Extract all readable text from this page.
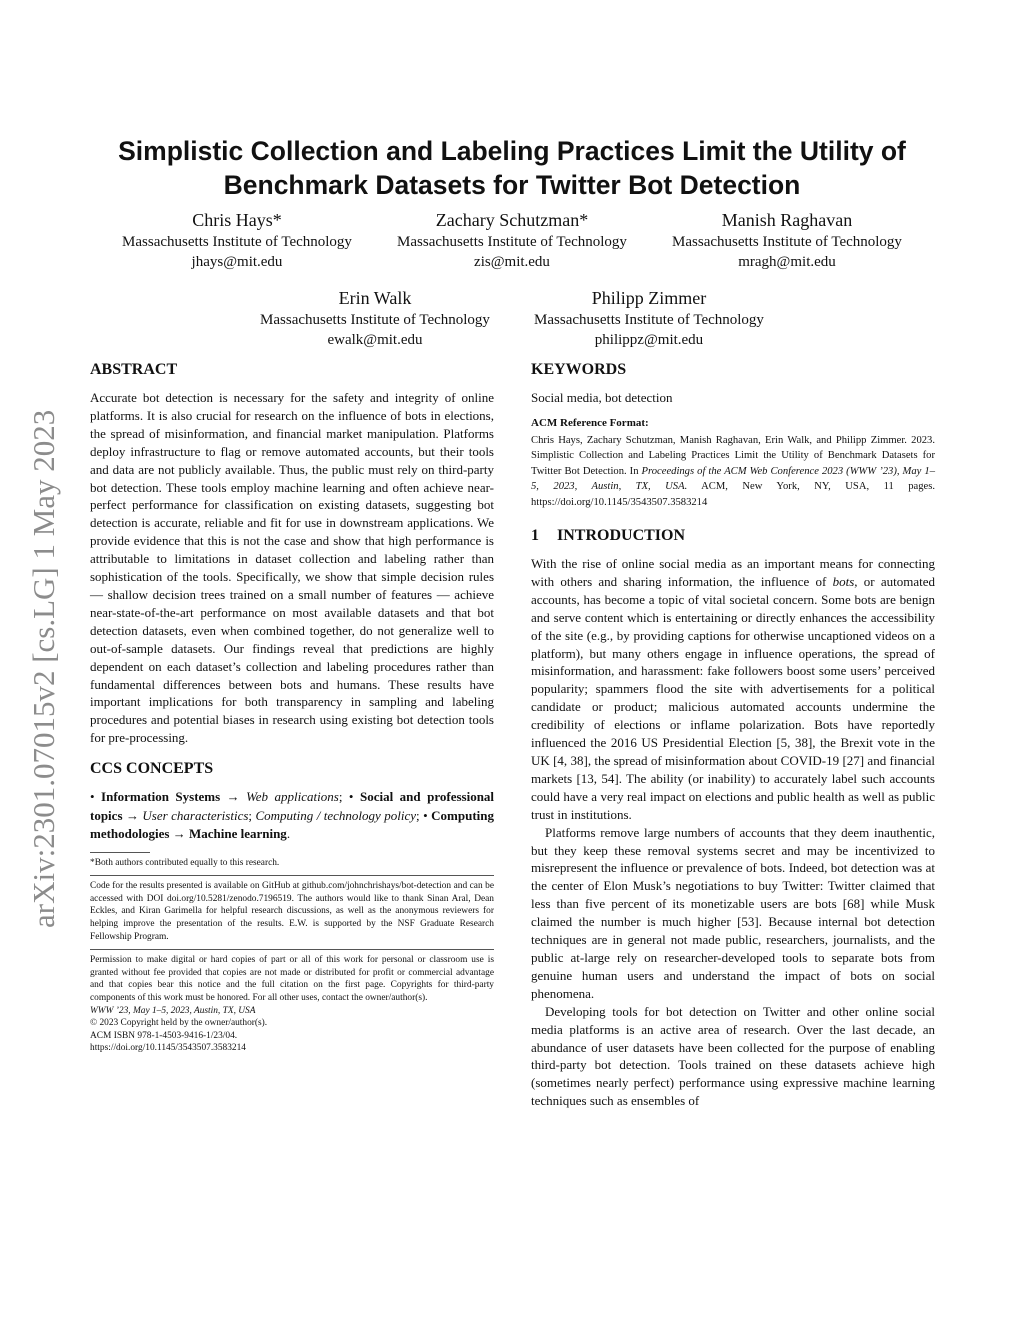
arXiv:2301.07015v2 [cs.LG] 1 May 2023
Simplistic Collection and Labeling Practices Limit the Utility of Benchmark Datasets for Twitter Bot Detection
Chris Hays*
Massachusetts Institute of Technology
jhays@mit.edu
Zachary Schutzman*
Massachusetts Institute of Technology
zis@mit.edu
Manish Raghavan
Massachusetts Institute of Technology
mragh@mit.edu
Erin Walk
Massachusetts Institute of Technology
ewalk@mit.edu
Philipp Zimmer
Massachusetts Institute of Technology
philippz@mit.edu
ABSTRACT

Accurate bot detection is necessary for the safety and integrity of online platforms. It is also crucial for research on the influence of bots in elections, the spread of misinformation, and financial market manipulation. Platforms deploy infrastructure to flag or remove automated accounts, but their tools and data are not publicly available. Thus, the public must rely on third-party bot detection. These tools employ machine learning and often achieve near-perfect performance for classification on existing datasets, suggesting bot detection is accurate, reliable and fit for use in downstream applications. We provide evidence that this is not the case and show that high performance is attributable to limitations in dataset collection and labeling rather than sophistication of the tools. Specifically, we show that simple decision rules — shallow decision trees trained on a small number of features — achieve near-state-of-the-art performance on most available datasets and that bot detection datasets, even when combined together, do not generalize well to out-of-sample datasets. Our findings reveal that predictions are highly dependent on each dataset’s collection and labeling procedures rather than fundamental differences between bots and humans. These results have important implications for both transparency in sampling and labeling procedures and potential biases in research using existing bot detection tools for pre-processing.

CCS CONCEPTS

• Information Systems → Web applications; • Social and professional topics → User characteristics; Computing / technology policy; • Computing methodologies → Machine learning.

*Both authors contributed equally to this research.

Code for the results presented is available on GitHub at github.com/johnchrishays/bot-detection and can be accessed with DOI doi.org/10.5281/zenodo.7196519. The authors would like to thank Sinan Aral, Dean Eckles, and Kiran Garimella for helpful research discussions, as well as the anonymous reviewers for helping improve the presentation of the results. E.W. is supported by the NSF Graduate Research Fellowship Program.

Permission to make digital or hard copies of part or all of this work for personal or classroom use is granted without fee provided that copies are not made or distributed for profit or commercial advantage and that copies bear this notice and the full citation on the first page. Copyrights for third-party components of this work must be honored. For all other uses, contact the owner/author(s).

WWW ’23, May 1–5, 2023, Austin, TX, USA

© 2023 Copyright held by the owner/author(s).

ACM ISBN 978-1-4503-9416-1/23/04.

https://doi.org/10.1145/3543507.3583214

KEYWORDS

Social media, bot detection

ACM Reference Format:

Chris Hays, Zachary Schutzman, Manish Raghavan, Erin Walk, and Philipp Zimmer. 2023. Simplistic Collection and Labeling Practices Limit the Utility of Benchmark Datasets for Twitter Bot Detection. In Proceedings of the ACM Web Conference 2023 (WWW ’23), May 1–5, 2023, Austin, TX, USA. ACM, New York, NY, USA, 11 pages. https://doi.org/10.1145/3543507.3583214

1 INTRODUCTION

With the rise of online social media as an important means for connecting with others and sharing information, the influence of bots, or automated accounts, has become a topic of vital societal concern. Some bots are benign and serve content which is entertaining or directly enhances the accessibility of the site (e.g., by providing captions for otherwise uncaptioned videos on a platform), but many others engage in influence operations, the spread of misinformation, and harassment: fake followers boost some users’ perceived popularity; spammers flood the site with advertisements for a political candidate or product; malicious automated accounts undermine the credibility of elections or inflame polarization. Bots have reportedly influenced the 2016 US Presidential Election [5, 38], the Brexit vote in the UK [4, 38], the spread of misinformation about COVID-19 [27] and financial markets [13, 54]. The ability (or inability) to accurately label such accounts could have a very real impact on elections and public health as well as public trust in institutions.

Platforms remove large numbers of accounts that they deem inauthentic, but they keep these removal systems secret and may be incentivized to misrepresent the influence or prevalence of bots. Indeed, bot detection was at the center of Elon Musk’s negotiations to buy Twitter: Twitter claimed that less than five percent of its monetizable users are bots [68] while Musk claimed the number is much higher [53]. Because internal bot detection techniques are in general not made public, researchers, journalists, and the public at-large rely on researcher-developed tools to separate bots from genuine human users and understand the impact of bots on social phenomena.

Developing tools for bot detection on Twitter and other online social media platforms is an active area of research. Over the last decade, an abundance of user datasets have been collected for the purpose of enabling third-party bot detection. Tools trained on these datasets achieve high (sometimes nearly perfect) performance using expressive machine learning techniques such as ensembles of
